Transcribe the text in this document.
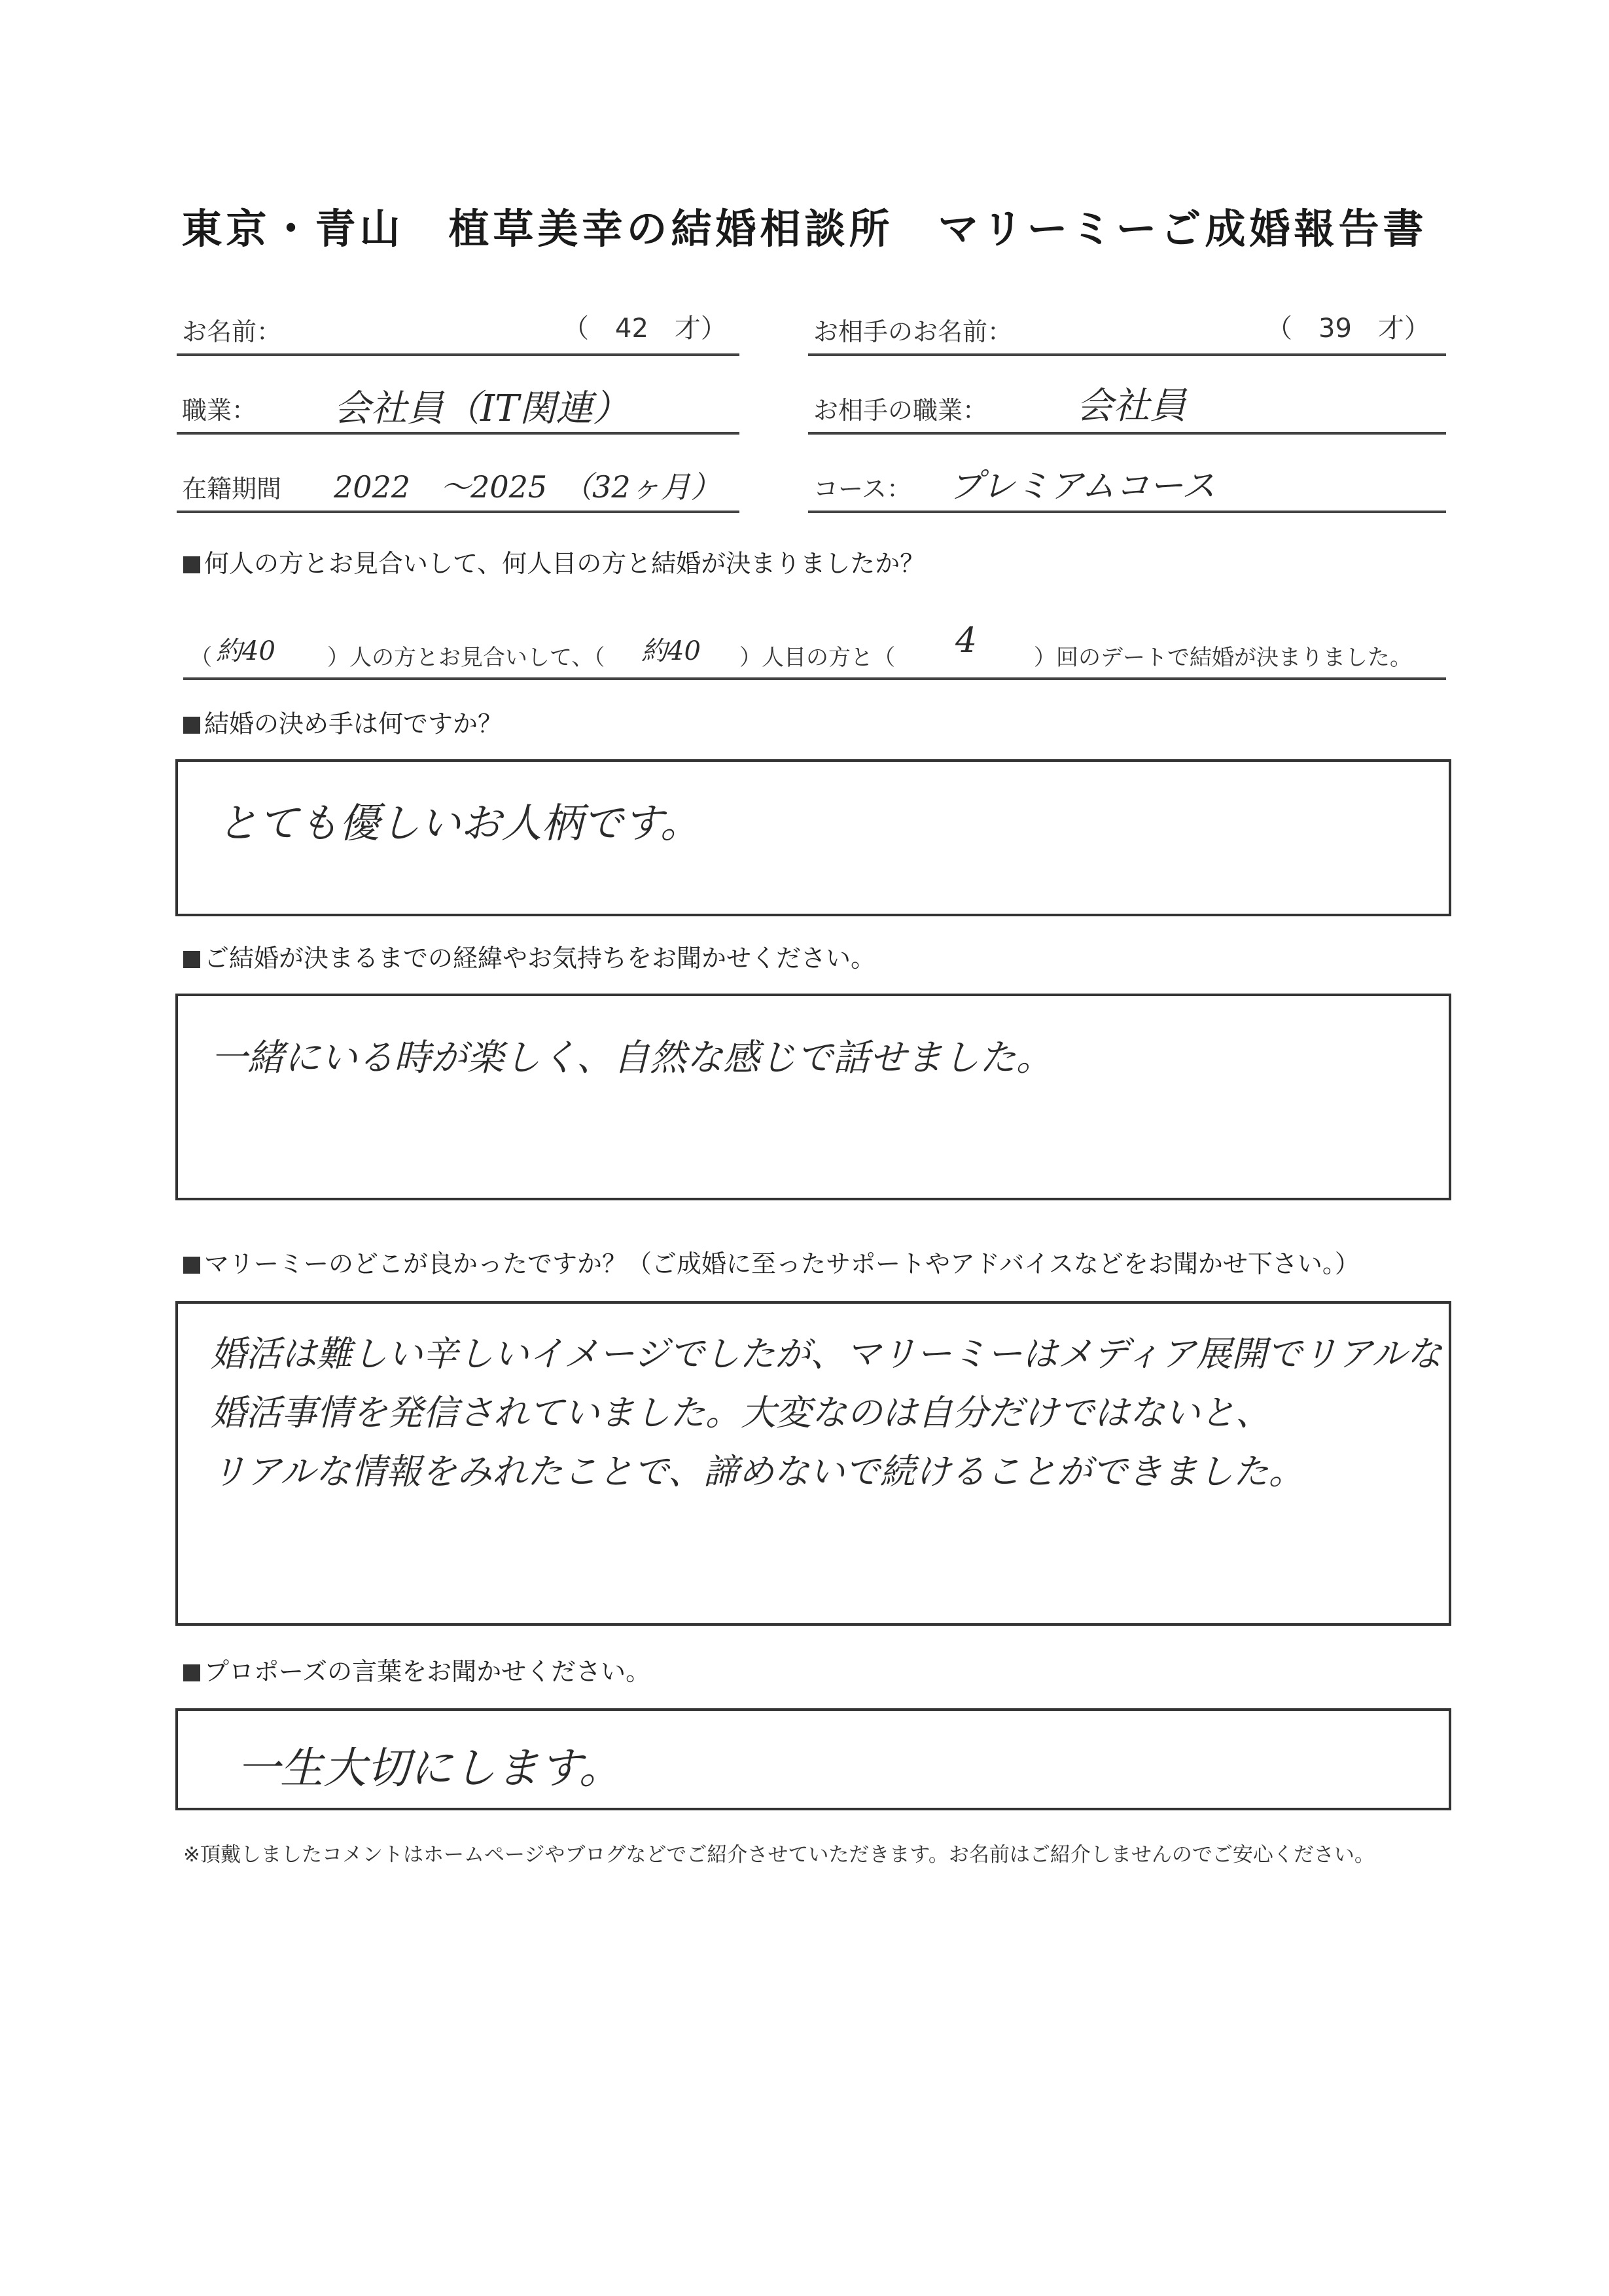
東京・青山　植草美幸の結婚相談所　マリーミーご成婚報告書
お名前：	（　42　才）	お相手のお名前：	（　39　才）
職業： 会社員（IT関連）	お相手の職業： 会社員
在籍期間 2022　～2025　（32ヶ月）	コース： プレミアムコース
何人の方とお見合いして、何人目の方と結婚が決まりましたか？
（ 約40 ）人の方とお見合いして、（ 約40 ）人目の方と（ 4	）回のデートで結婚が決まりました。
結婚の決め手は何ですか？
とても優しいお人柄です。
ご結婚が決まるまでの経緯やお気持ちをお聞かせください。
一緒にいる時が楽しく、自然な感じで話せました。
マリーミーのどこが良かったですか？（ご成婚に至ったサポートやアドバイスなどをお聞かせ下さい。）
婚活は難しい辛しいイメージでしたが、マリーミーはメディア展開でリアルな
婚活事情を発信されていました。大変なのは自分だけではないと、
リアルな情報をみれたことで、諦めないで続けることができました。
プロポーズの言葉をお聞かせください。
一生大切にします。
※頂戴しましたコメントはホームページやブログなどでご紹介させていただきます。お名前はご紹介しませんのでご安心ください。
